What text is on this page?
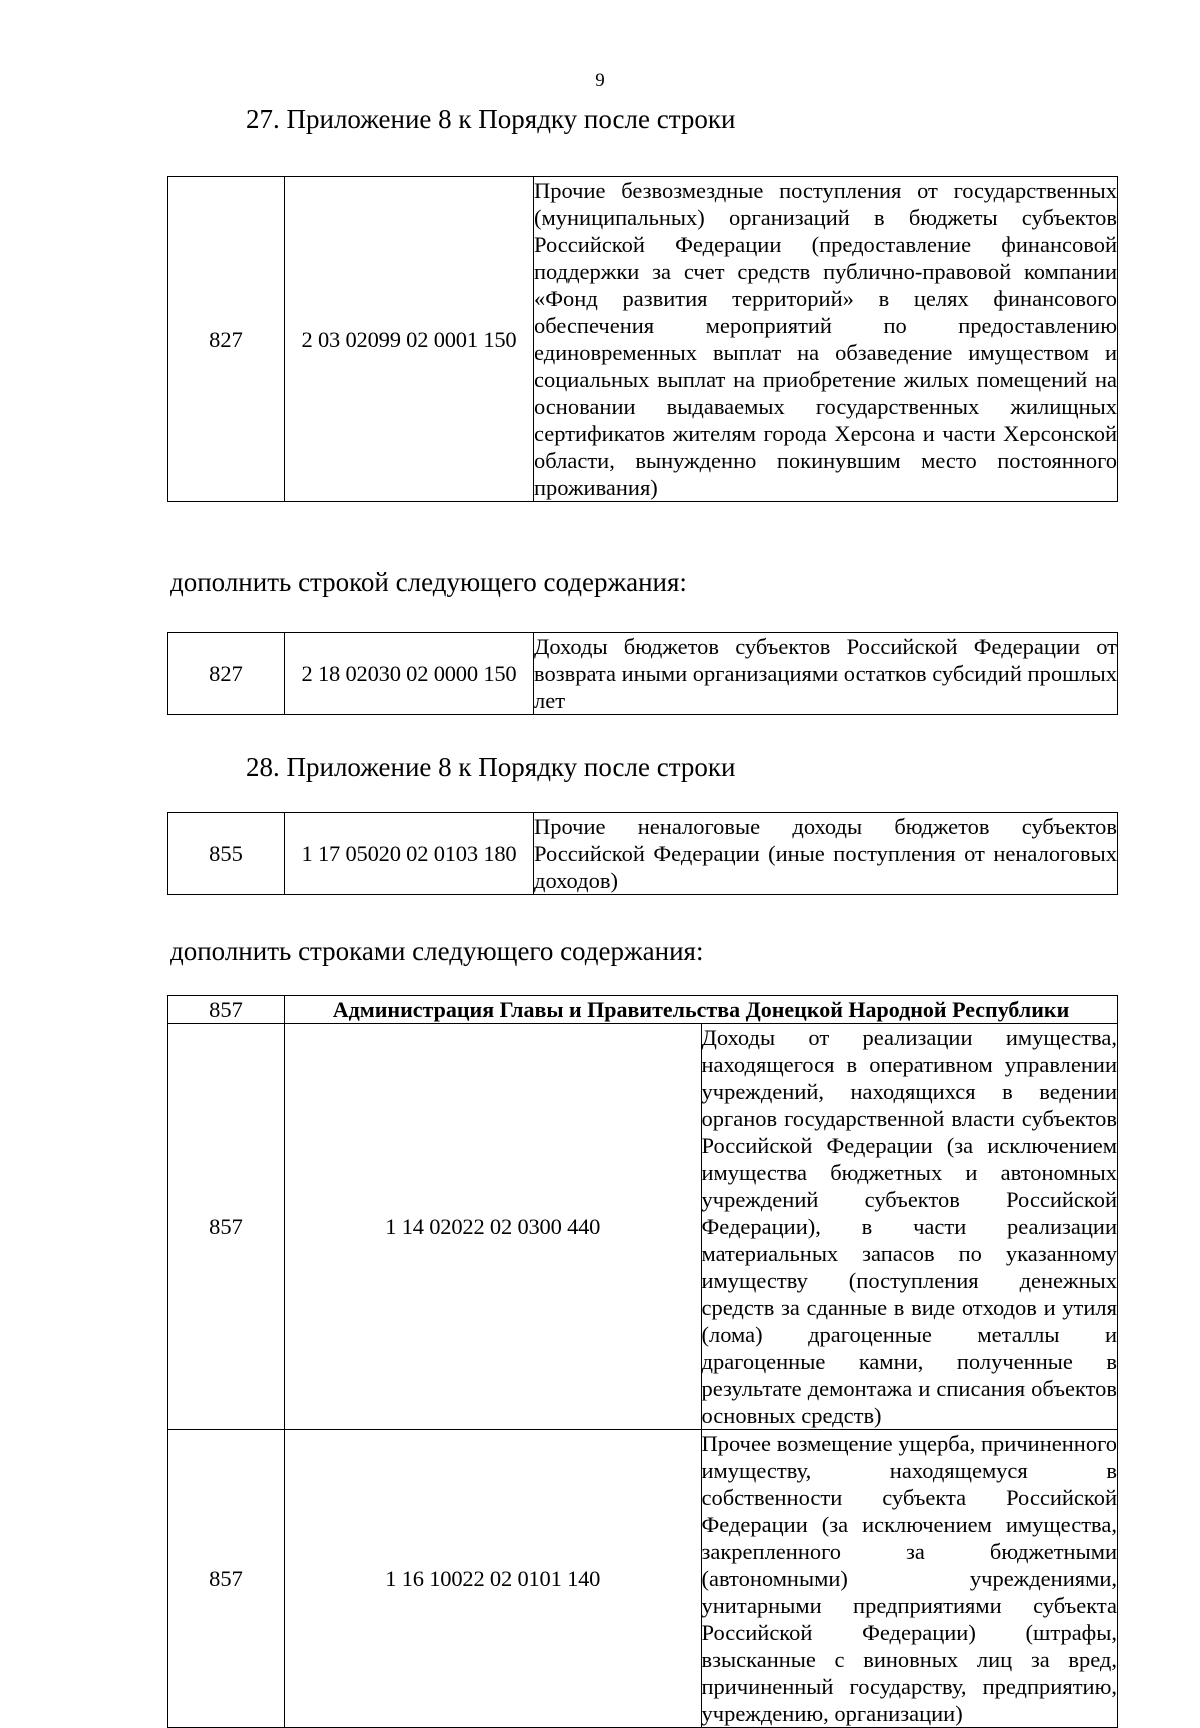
9
27. Приложение 8 к Порядку после строки
827	2 03 02099 02 0001 150	Прочие безвозмездные поступления от государственных (муниципальных) организаций в бюджеты субъектов Российской Федерации (предоставление финансовой поддержки за счет средств публично-правовой компании «Фонд развития территорий» в целях финансового обеспечения мероприятий по предоставлению единовременных выплат на обзаведение имуществом и социальных выплат на приобретение жилых помещений на основании выдаваемых государственных жилищных сертификатов жителям города Херсона и части Херсонской области, вынужденно покинувшим место постоянного проживания)
дополнить строкой следующего содержания:
827	2 18 02030 02 0000 150	Доходы бюджетов субъектов Российской Федерации от возврата иными организациями остатков субсидий прошлых лет
28. Приложение 8 к Порядку после строки
855	1 17 05020 02 0103 180	Прочие неналоговые доходы бюджетов субъектов Российской Федерации (иные поступления от неналоговых доходов)
дополнить строками следующего содержания:
857	Администрация Главы и Правительства Донецкой Народной Республики	
857	1 14 02022 02 0300 440	Доходы от реализации имущества, находящегося в оперативном управлении учреждений, находящихся в ведении органов государственной власти субъектов Российской Федерации (за исключением имущества бюджетных и автономных учреждений субъектов Российской Федерации), в части реализации материальных запасов по указанному имуществу (поступления денежных средств за сданные в виде отходов и утиля (лома) драгоценные металлы и драгоценные камни, полученные в результате демонтажа и списания объектов основных средств)
857	1 16 10022 02 0101 140	Прочее возмещение ущерба, причиненного имуществу, находящемуся в собственности субъекта Российской Федерации (за исключением имущества, закрепленного за бюджетными (автономными) учреждениями, унитарными предприятиями субъекта Российской Федерации) (штрафы, взысканные с виновных лиц за вред, причиненный государству, предприятию, учреждению, организации)
